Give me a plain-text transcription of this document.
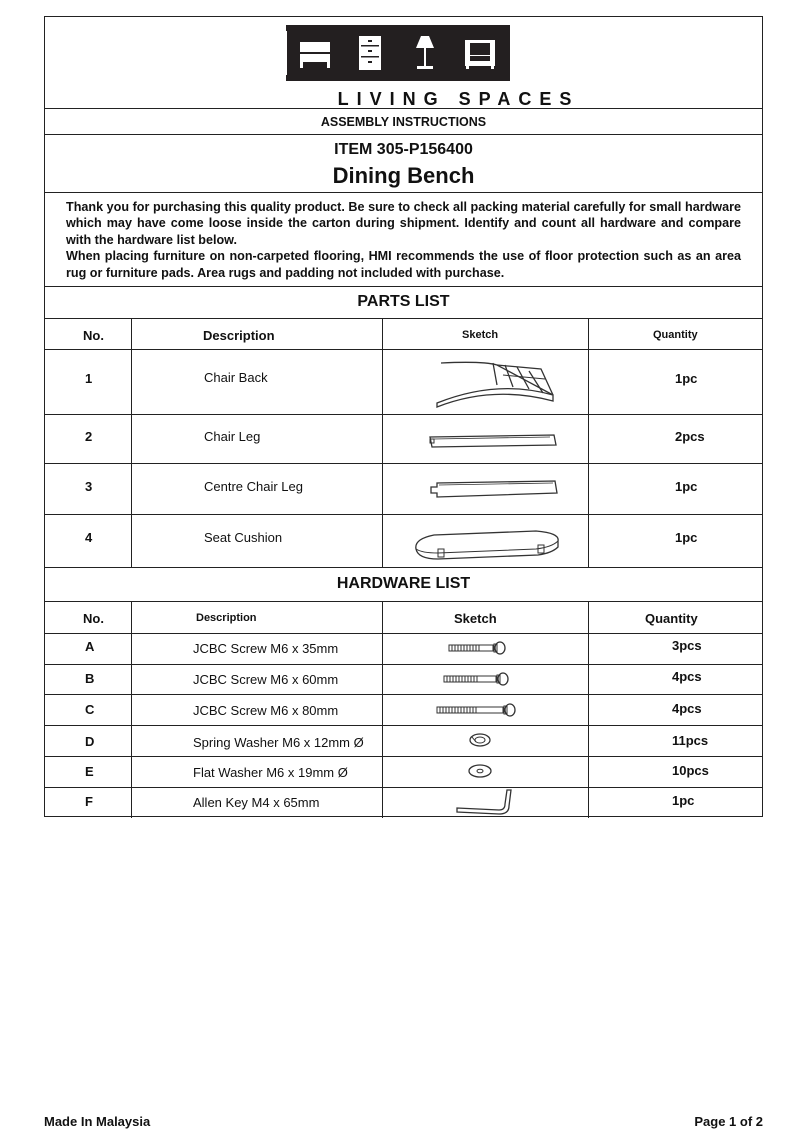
LIVING SPACES
ASSEMBLY INSTRUCTIONS
ITEM 305-P156400
Dining Bench

Thank you for purchasing this quality product. Be sure to check all packing material carefully for small hardware which may have come loose inside the carton during shipment. Identify and count all hardware and compare with the hardware list below.

When placing furniture on non-carpeted flooring, HMI recommends the use of floor protection such as an area rug or furniture pads. Area rugs and padding not included with purchase.

PARTS LIST
No.	Description	Sketch	Quantity
1	Chair Back	1pc
2	Chair Leg	2pcs
3	Centre Chair Leg	1pc
4	Seat Cushion	1pc
HARDWARE LIST
No.	Description	Sketch	Quantity
A	JCBC Screw M6 x 35mm	3pcs
B	JCBC Screw M6 x 60mm	4pcs
C	JCBC Screw M6 x 80mm	4pcs
D	Spring Washer M6 x 12mm Ø	11pcs
E	Flat Washer M6 x 19mm Ø	10pcs
F	Allen Key M4 x 65mm	1pc
Made In Malaysia	Page 1 of 2
